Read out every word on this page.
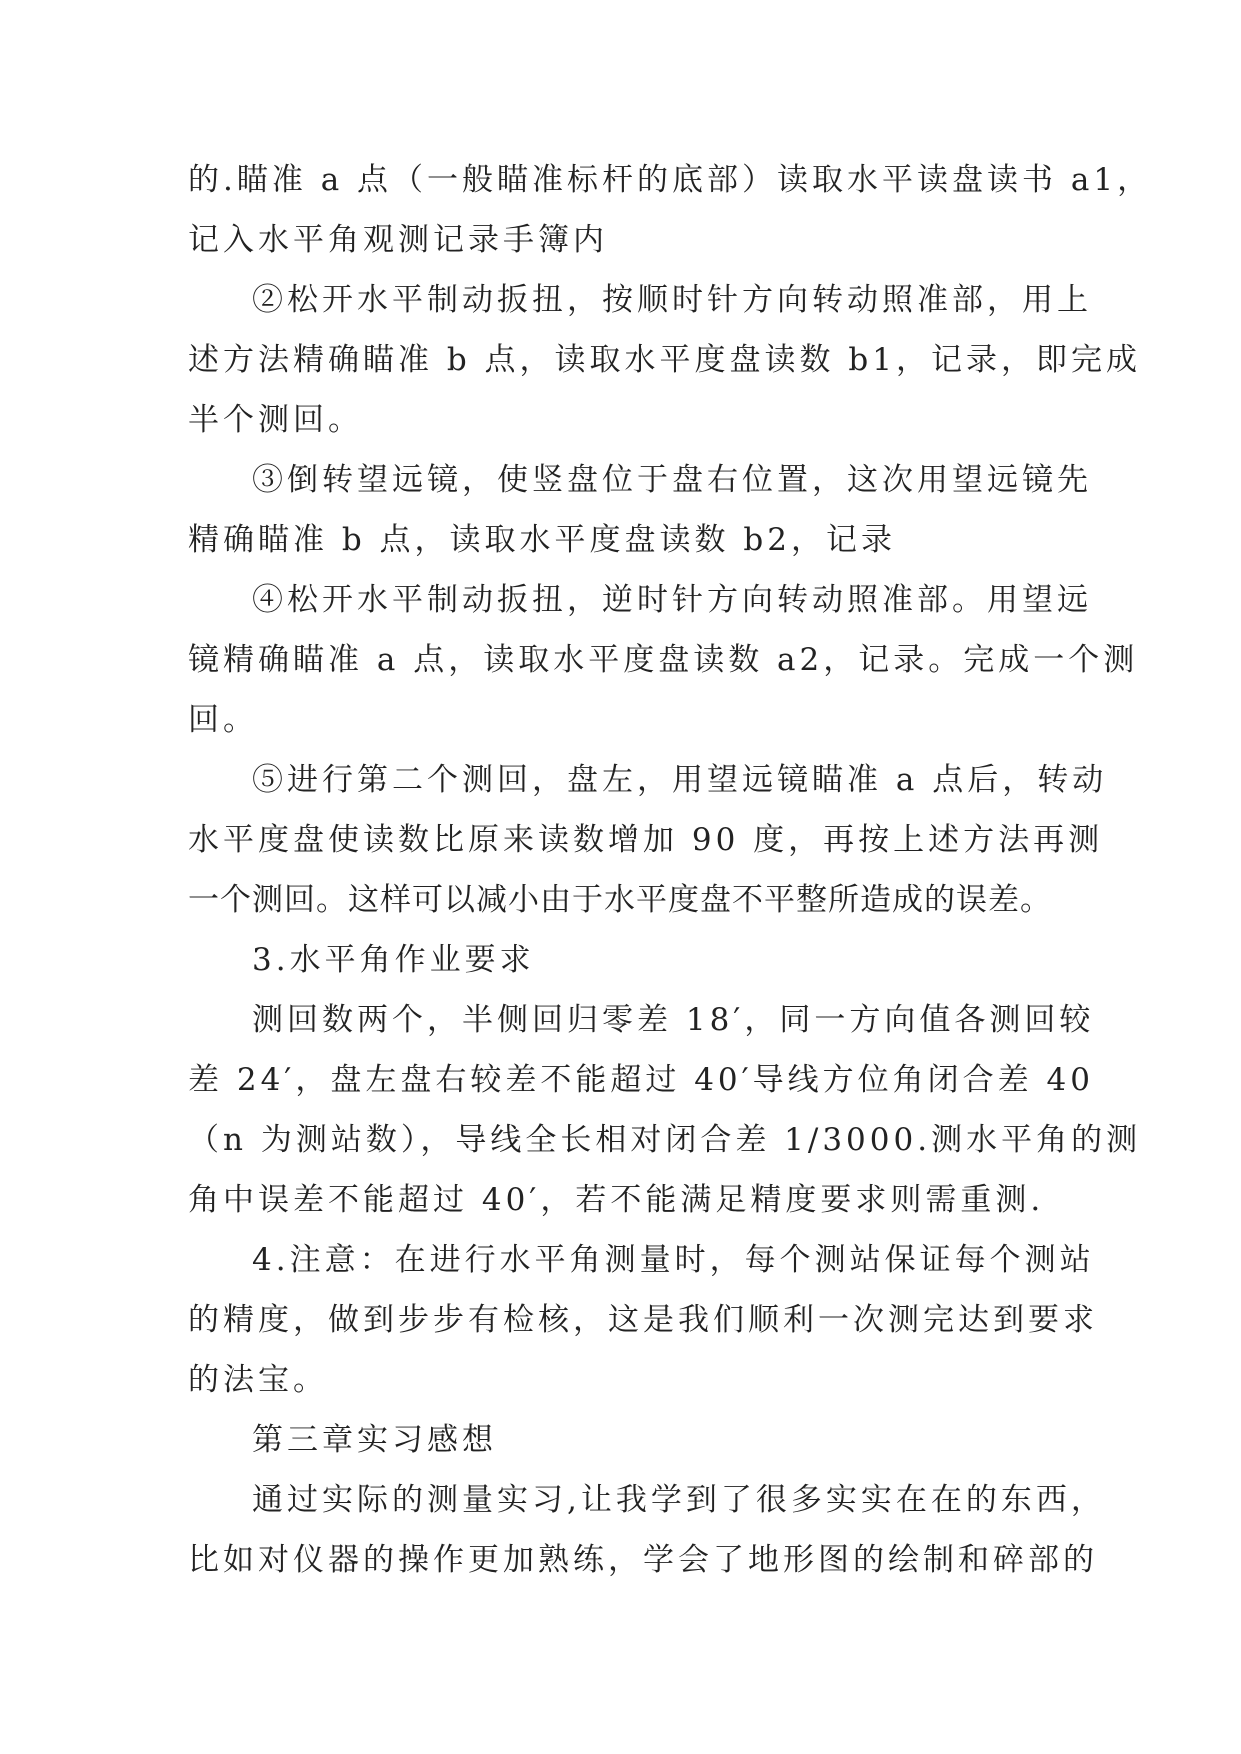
的.瞄准 a 点（一般瞄准标杆的底部）读取水平读盘读书 a1，
记入水平角观测记录手簿内
②松开水平制动扳扭，按顺时针方向转动照准部，用上
述方法精确瞄准 b 点，读取水平度盘读数 b1，记录，即完成
半个测回。
③倒转望远镜，使竖盘位于盘右位置，这次用望远镜先
精确瞄准 b 点，读取水平度盘读数 b2，记录
④松开水平制动扳扭，逆时针方向转动照准部。用望远
镜精确瞄准 a 点，读取水平度盘读数 a2，记录。完成一个测
回。
⑤进行第二个测回，盘左，用望远镜瞄准 a 点后，转动
水平度盘使读数比原来读数增加 90 度，再按上述方法再测
一个测回。这样可以减小由于水平度盘不平整所造成的误差。
3.水平角作业要求
测回数两个，半侧回归零差 18′，同一方向值各测回较
差 24′，盘左盘右较差不能超过 40′导线方位角闭合差 40
（n 为测站数），导线全长相对闭合差 1/3000.测水平角的测
角中误差不能超过 40′，若不能满足精度要求则需重测.
4.注意：在进行水平角测量时，每个测站保证每个测站
的精度，做到步步有检核，这是我们顺利一次测完达到要求
的法宝。
第三章实习感想
通过实际的测量实习,让我学到了很多实实在在的东西，
比如对仪器的操作更加熟练，学会了地形图的绘制和碎部的
